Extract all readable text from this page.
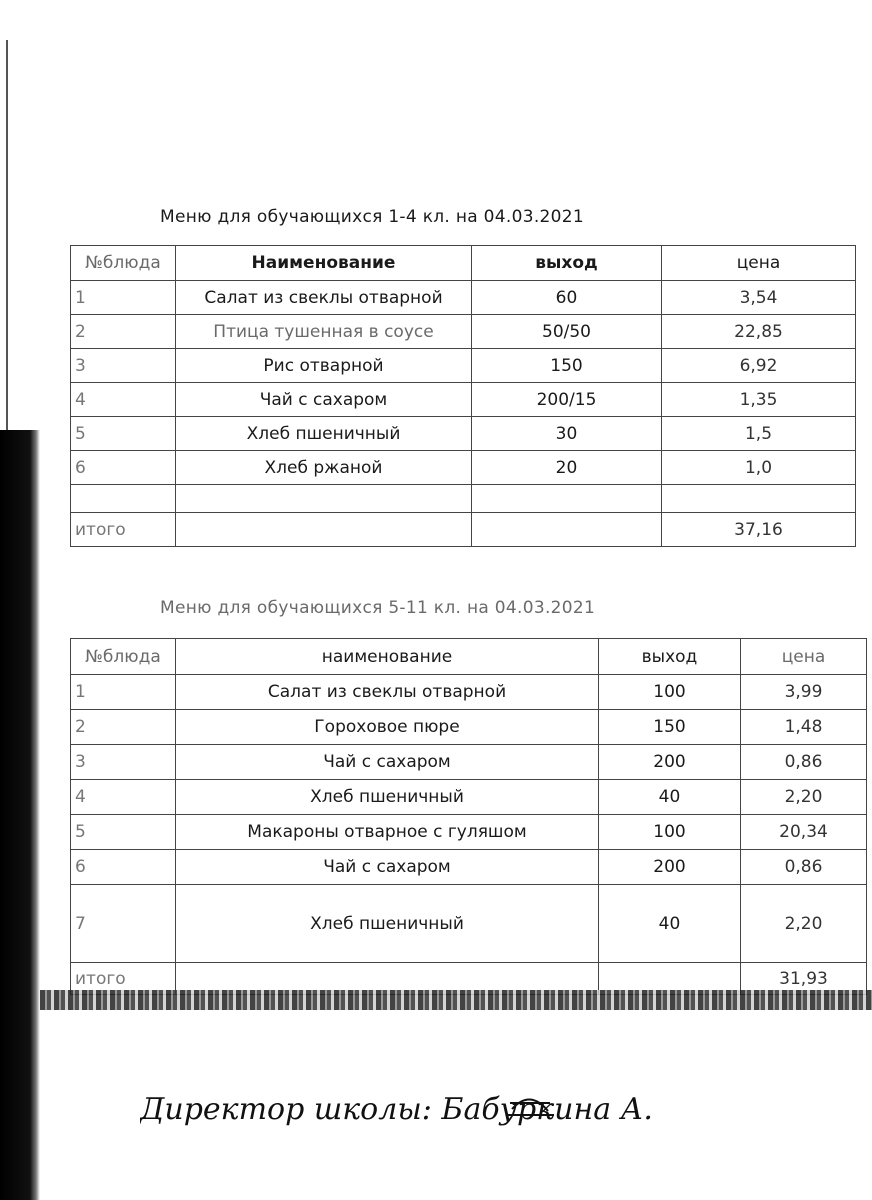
Меню для обучающихся 1-4 кл. на 04.03.2021
№блюда	Наименование	выход	цена
1	Салат из свеклы отварной	60	3,54
2	Птица тушенная в соусе	50/50	22,85
3	Рис отварной	150	6,92
4	Чай с сахаром	200/15	1,35
5	Хлеб пшеничный	30	1,5
6	Хлеб ржаной	20	1,0

итого			37,16
Меню для обучающихся 5-11 кл. на 04.03.2021
№блюда	наименование	выход	цена
1	Салат из свеклы отварной	100	3,99
2	Гороховое пюре	150	1,48
3	Чай с сахаром	200	0,86
4	Хлеб пшеничный	40	2,20
5	Макароны отварное с гуляшом	100	20,34
6	Чай с сахаром	200	0,86
7	Хлеб пшеничный	40	2,20
итого			31,93
Директор школы: Бабуркина А.
